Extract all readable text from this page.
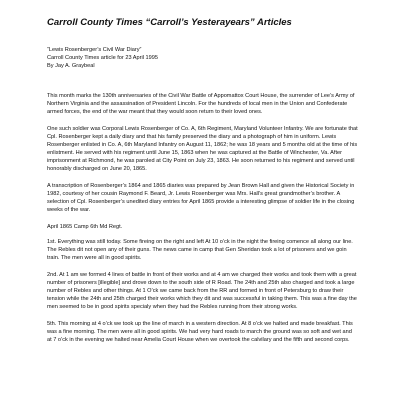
Carroll County Times “Carroll’s Yesterayears” Articles
“Lewis Rosenberger’s Civil War Diary”
Carroll County Times article for 23 April 1995
By Jay A. Graybeal

This month marks the 130th anniversaries of the Civil War Battle of Appomattox Court House, the surrender of Lee’s Army of Northern Virginia and the assassination of President Lincoln. For the hundreds of local men in the Union and Confederate armed forces, the end of the war meant that they would soon return to their loved ones.

One such soldier was Corporal Lewis Rosenberger of Co. A, 6th Regiment, Maryland Volunteer Infantry. We are fortunate that Cpl. Rosenberger kept a daily diary and that his family preserved the diary and a photograph of him in uniform. Lewis Rosenberger enlisted in Co. A, 6th Maryland Infantry on August 11, 1862; he was 18 years and 5 months old at the time of his enlistment. He served with his regiment until June 15, 1863 when he was captured at the Battle of Winchester, Va. After imprisonment at Richmond, he was paroled at City Point on July 23, 1863. He soon returned to his regiment and served until honorably discharged on June 20, 1865.

A transcription of Rosenberger’s 1864 and 1865 diaries was prepared by Jean Brown Hall and given the Historical Society in 1982, courtesy of her cousin Raymond F. Beard, Jr. Lewis Rosenberger was Mrs. Hall’s great grandmother’s brother. A selection of Cpl. Rosenberger’s unedited diary entries for April 1865 provide a interesting glimpse of soldier life in the closing weeks of the war.

April 1865 Camp 6th Md Regt.

1st. Everything was still today. Some fireing on the right and left At 10 o’ck in the night the fireing comence all along our line. The Rebles dit not open any of their guns. The news came in camp that Gen Sheridan took a lot of prisoners and we goin train. The men were all in good spirits.

2nd. At 1 am we formed 4 lines of battle in front of their works and at 4 am we charged their works and took them with a great number of prisoners [illegible] and drove down to the south side of R Road. The 24th and 25th also charged and took a large number of Rebles and other things. At 1 O’ck we came back from the RR and formed in front of Petersburg to draw their tension while the 24th and 25th charged their works which they dit and was successful in taking them. This was a fine day the men seemed to be in good spirits specialy when they had the Rebles running from their strong works.

5th. This morning at 4 o’ck we took up the line of march in a western direction. At 8 o’ck we halted and made breakfast. This was a fine morning. The men were all in good spirits. We had very hard roads to march the ground was so soft and wet and at 7 o’ck in the evening we halted near Amelia Court House when we overtook the calvilary and the fifth and second corps.
